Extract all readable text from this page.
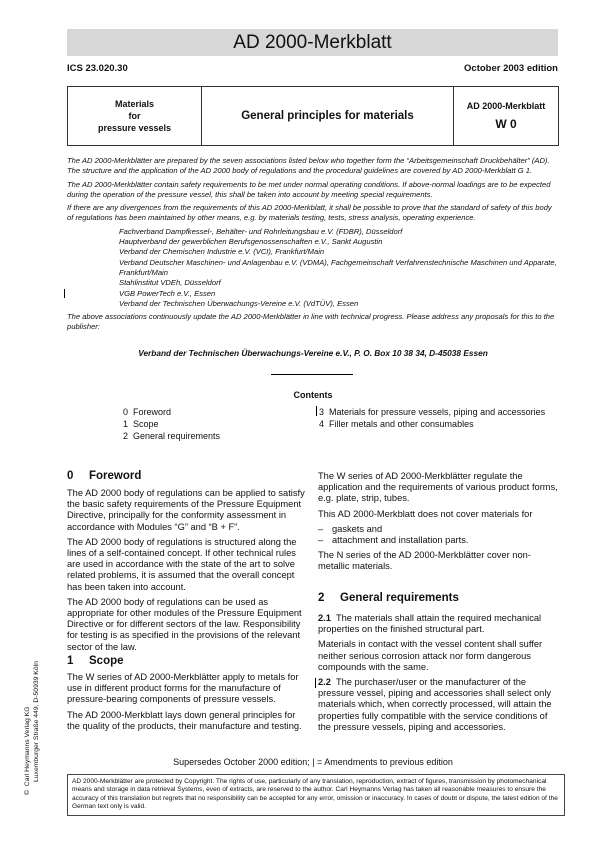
AD 2000-Merkblatt
ICS 23.020.30	October 2003 edition
Materials
for
pressure vessels
General principles for materials
AD 2000-Merkblatt
W 0

The AD 2000-Merkblätter are prepared by the seven associations listed below who together form the “Arbeitsgemeinschaft Druckbehälter” (AD). The structure and the application of the AD 2000 body of regulations and the procedural guidelines are covered by AD 2000-Merkblatt G 1.

The AD 2000-Merkblätter contain safety requirements to be met under normal operating conditions. If above-normal loadings are to be expected during the operation of the pressure vessel, this shall be taken into account by meeting special requirements.

If there are any divergences from the requirements of this AD 2000-Merkblatt, it shall be possible to prove that the standard of safety of this body of regulations has been maintained by other means, e.g. by materials testing, tests, stress analysis, operating experience.

Fachverband Dampfkessel-, Behälter- und Rohrleitungsbau e.V. (FDBR), Düsseldorf
Hauptverband der gewerblichen Berufsgenossenschaften e.V., Sankt Augustin
Verband der Chemischen Industrie e.V. (VCI), Frankfurt/Main
Verband Deutscher Maschinen- und Anlagenbau e.V. (VDMA), Fachgemeinschaft Verfahrenstechnische Maschinen und Apparate, Frankfurt/Main
Stahlinstitut VDEh, Düsseldorf
VGB PowerTech e.V., Essen
Verband der Technischen Überwachungs-Vereine e.V. (VdTÜV), Essen

The above associations continuously update the AD 2000-Merkblätter in line with technical progress. Please address any proposals for this to the publisher:

Verband der Technischen Überwachungs-Vereine e.V., P. O. Box 10 38 34, D-45038 Essen
Contents
0  Foreword
1  Scope
2  General requirements
3  Materials for pressure vessels, piping and accessories
4  Filler metals and other consumables
0 Foreword

The AD 2000 body of regulations can be applied to satisfy the basic safety requirements of the Pressure Equipment Directive, principally for the conformity assessment in accordance with Modules “G” and “B + F”.

The AD 2000 body of regulations is structured along the lines of a self-contained concept. If other technical rules are used in accordance with the state of the art to solve related problems, it is assumed that the overall concept has been taken into account.

The AD 2000 body of regulations can be used as appropriate for other modules of the Pressure Equipment Directive or for different sectors of the law. Responsibility for testing is as specified in the provisions of the relevant sector of the law.

1 Scope

The W series of AD 2000-Merkblätter apply to metals for use in different product forms for the manufacture of pressure-bearing components of pressure vessels.

The AD 2000-Merkblatt lays down general principles for the quality of the products, their manufacture and testing.

The W series of AD 2000-Merkblätter regulate the application and the requirements of various product forms, e.g. plate, strip, tubes.

This AD 2000-Merkblatt does not cover materials for

– gaskets and
– attachment and installation parts.

The N series of the AD 2000-Merkblätter cover non-metallic materials.

2 General requirements

2.1 The materials shall attain the required mechanical properties on the finished structural part.

Materials in contact with the vessel content shall suffer neither serious corrosion attack nor form dangerous compounds with the same.

2.2 The purchaser/user or the manufacturer of the pressure vessel, piping and accessories shall select only materials which, when correctly processed, will attain the properties fully compatible with the service conditions of the pressure vessels, piping and accessories.

Supersedes October 2000 edition; | = Amendments to previous edition
AD 2000-Merkblätter are protected by Copyright. The rights of use, particularly of any translation, reproduction, extract of figures, transmission by photomechanical means and storage in data retrieval Systems, even of extracts, are reserved to the author. Carl Heymanns Verlag has taken all reasonable measures to ensure the accuracy of this translation but regrets that no responsibility can be accepted for any error, omission or inaccuracy. In cases of doubt or dispute, the latest edition of the German text only is valid.
©  Carl Heymanns Verlag KG Luxemburger Straße 449, D-50939 Köln
